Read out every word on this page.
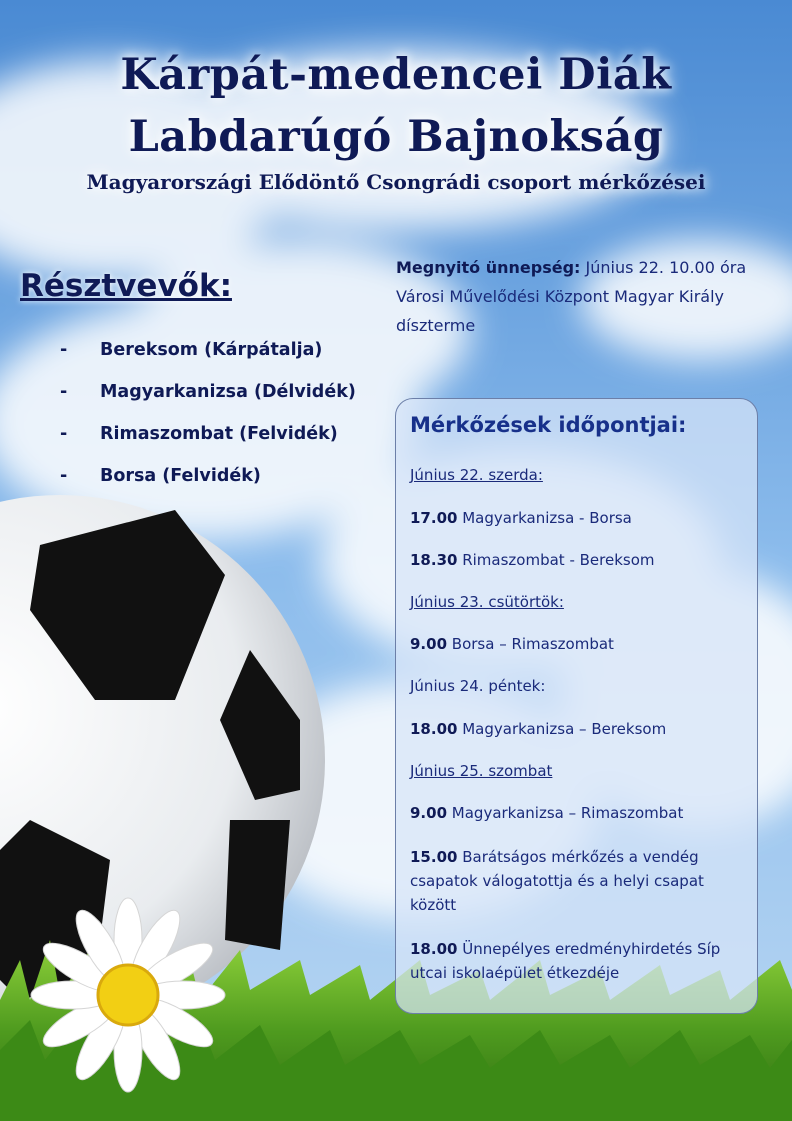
Kárpát-medencei Diák
Labdarúgó Bajnokság
Magyarországi Elődöntő Csongrádi csoport mérkőzései
Résztvevők:
- Bereksom (Kárpátalja)
- Magyarkanizsa (Délvidék)
- Rimaszombat (Felvidék)
- Borsa (Felvidék)
Megnyitó ünnepség: Június 22. 10.00 óra Városi Művelődési Központ Magyar Király díszterme
Mérkőzések időpontjai:
Június 22. szerda:
17.00 Magyarkanizsa - Borsa
18.30 Rimaszombat - Bereksom
Június 23. csütörtök:
9.00 Borsa – Rimaszombat
Június 24. péntek:
18.00 Magyarkanizsa – Bereksom
Június 25. szombat
9.00 Magyarkanizsa – Rimaszombat
15.00 Barátságos mérkőzés a vendég csapatok válogatottja és a helyi csapat között
18.00 Ünnepélyes eredményhirdetés Síp utcai iskolaépület étkezdéje
